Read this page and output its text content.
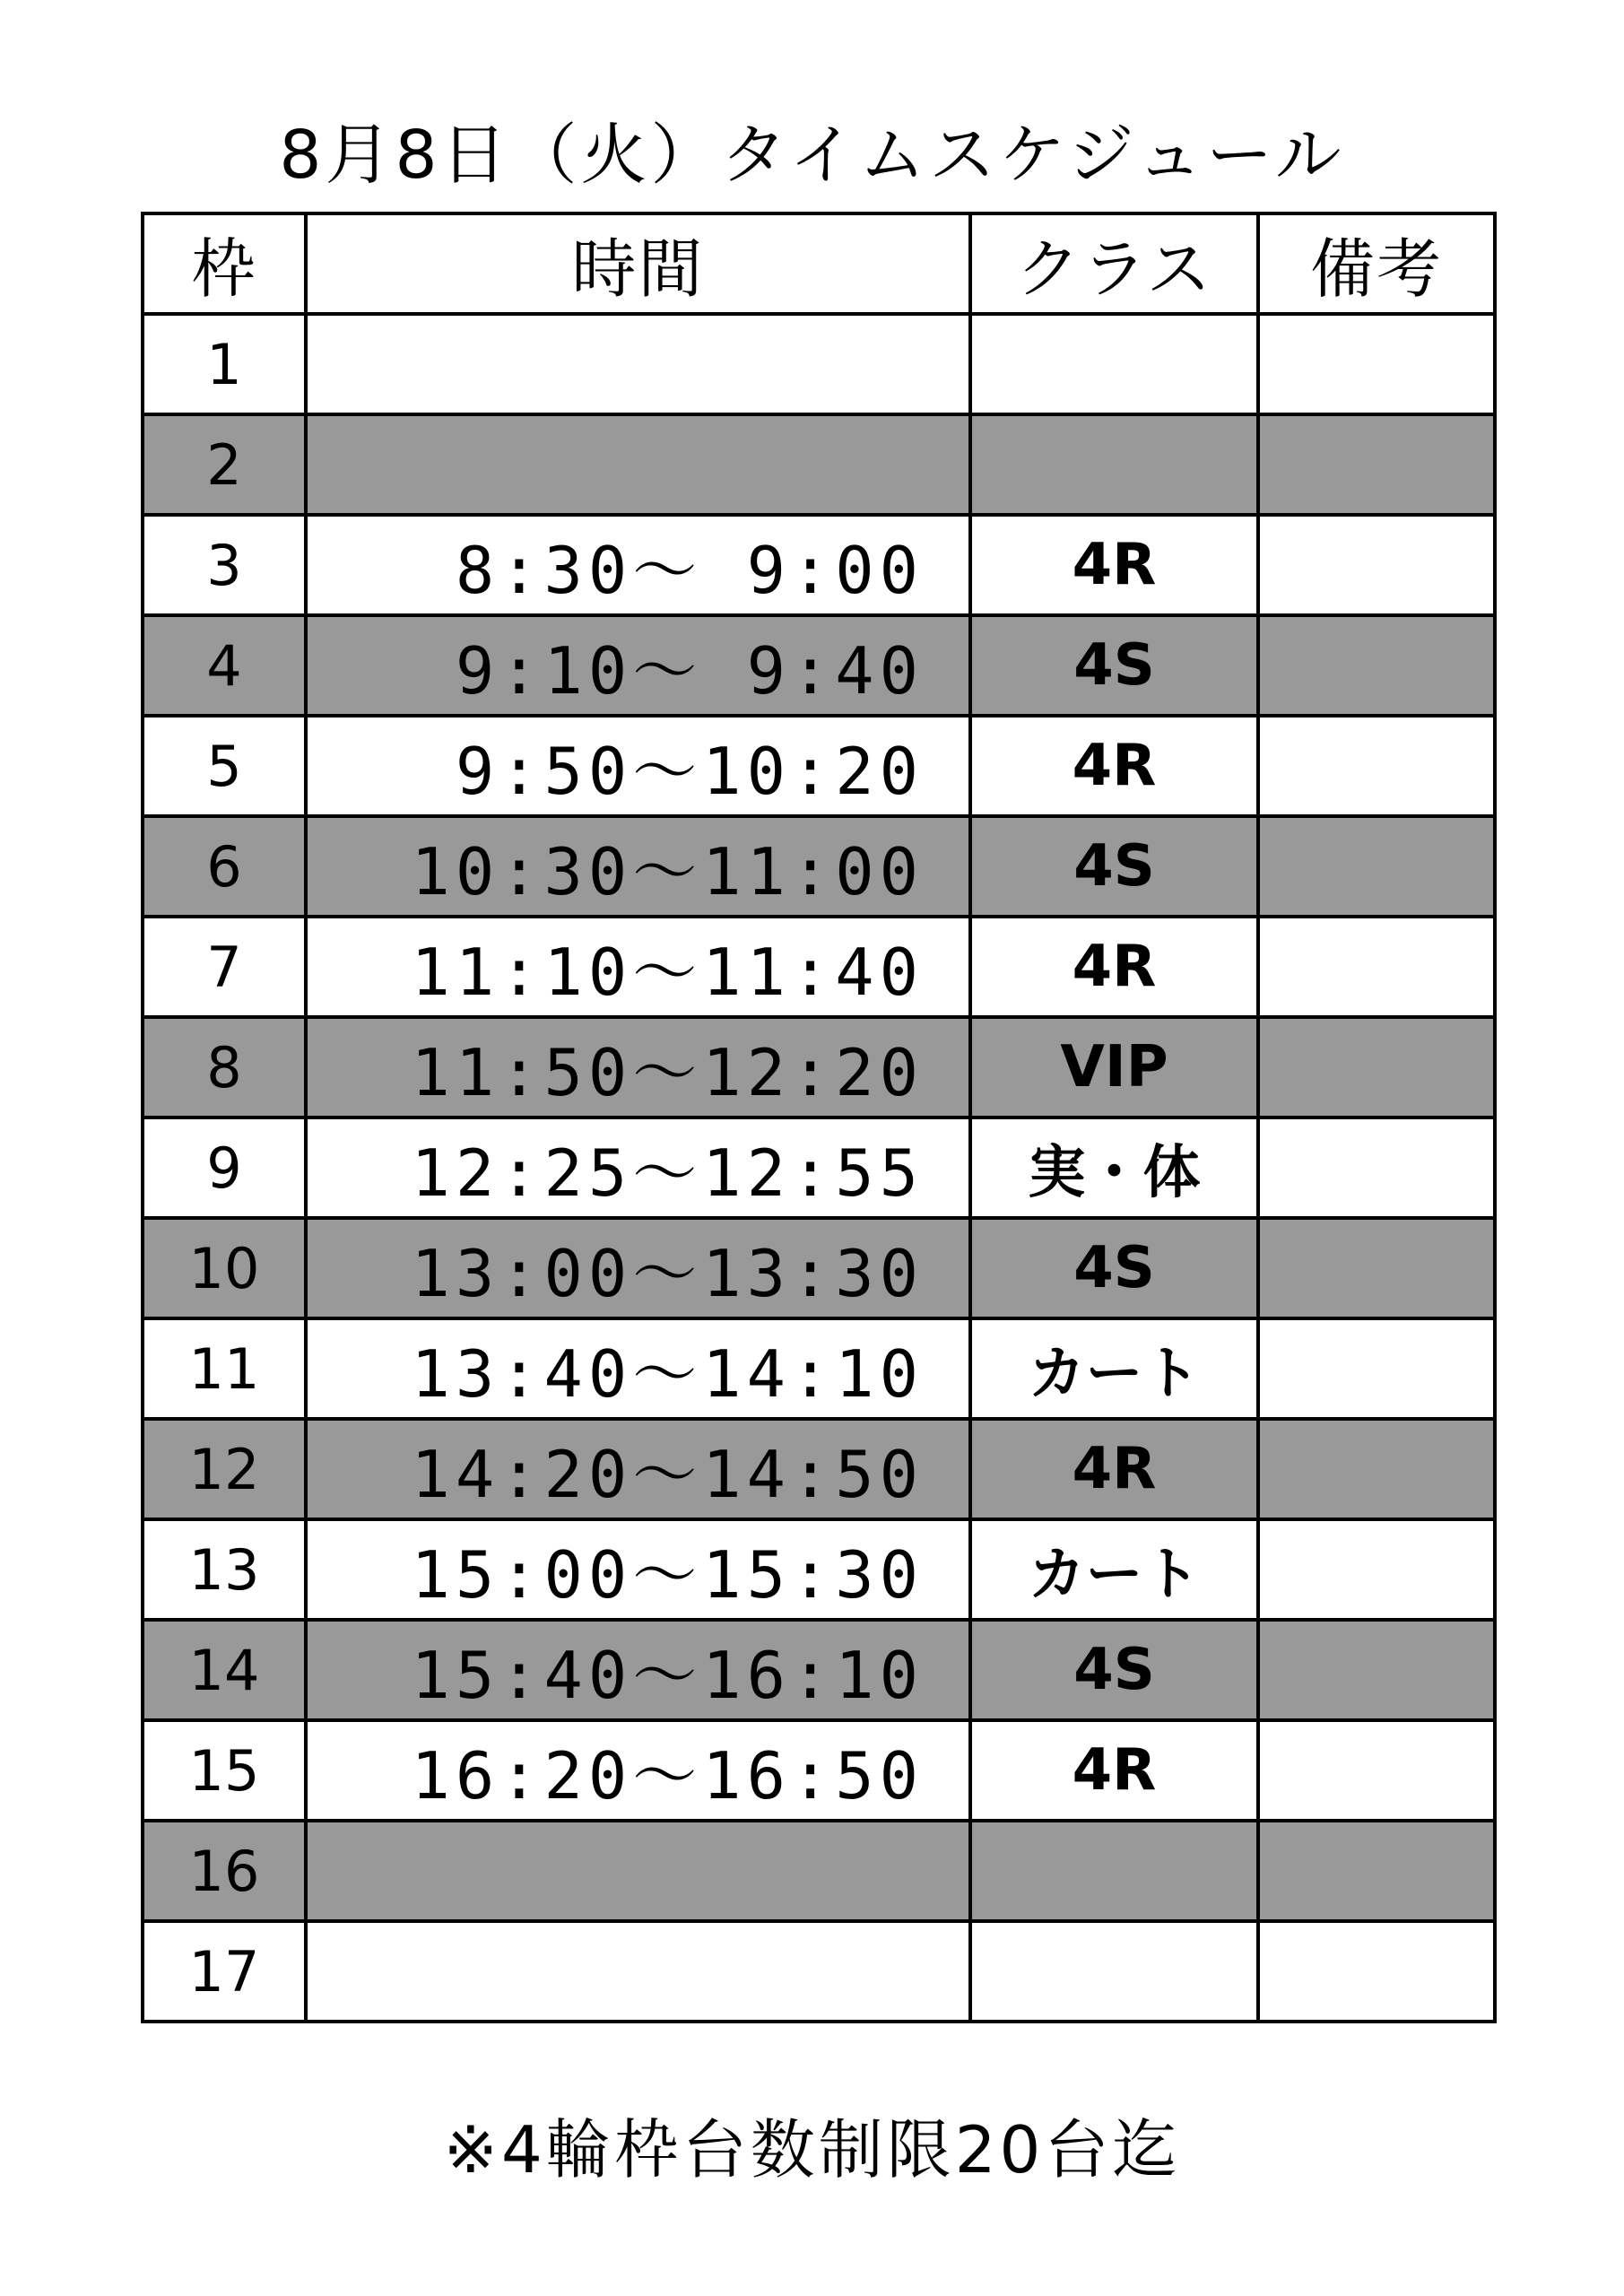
8月8日（火）タイムスケジュール
枠	時間	クラス	備考
1			
2			
3	8:30～ 9:00	4R	
4	9:10～ 9:40	4S	
5	9:50～10:20	4R	
6	10:30～11:00	4S	
7	11:10～11:40	4R	
8	11:50～12:20	VIP	
9	12:25～12:55	実・体	
10	13:00～13:30	4S	
11	13:40～14:10	カート	
12	14:20～14:50	4R	
13	15:00～15:30	カート	
14	15:40～16:10	4S	
15	16:20～16:50	4R	
16			
17			
※4輪枠台数制限20台迄
